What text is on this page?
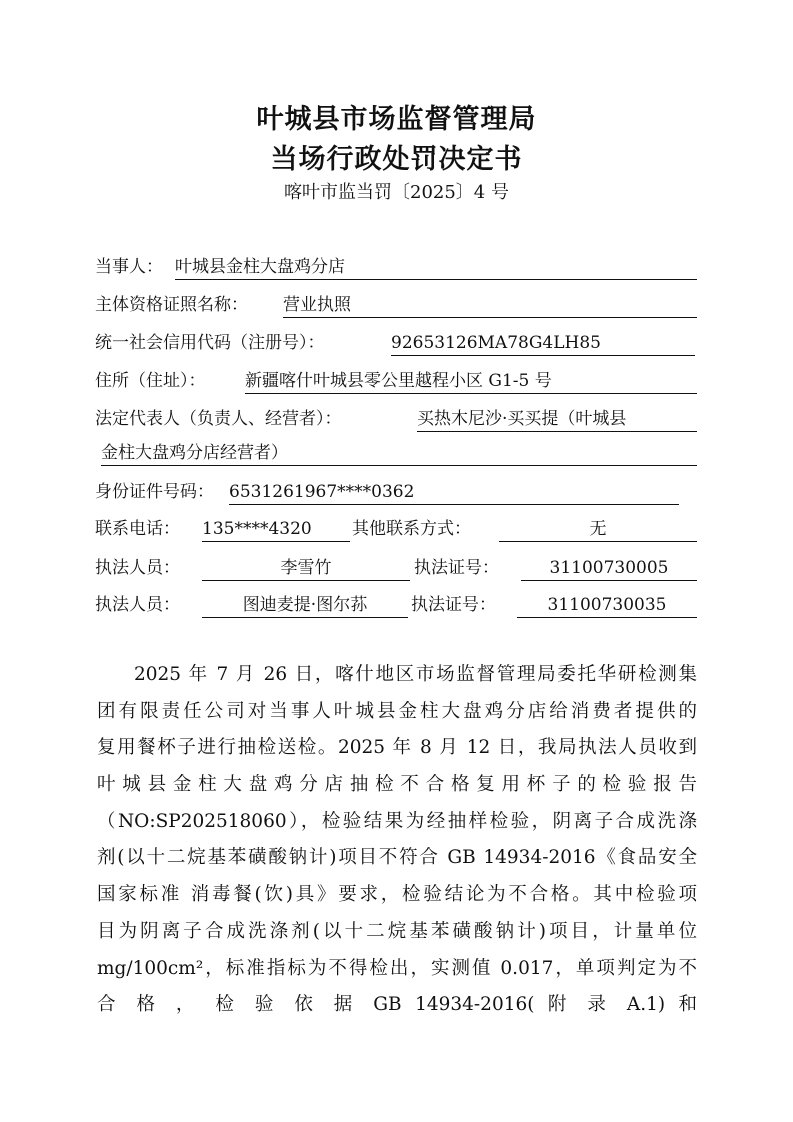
叶城县市场监督管理局
当场行政处罚决定书
喀叶市监当罚〔2025〕4 号
当事人： 叶城县金柱大盘鸡分店
主体资格证照名称： 营业执照
统一社会信用代码（注册号）：	92653126MA78G4LH85
住所（住址）： 新疆喀什叶城县零公里越程小区 G1-5 号
法定代表人（负责人、经营者）：	买热木尼沙·买买提（叶城县
金柱大盘鸡分店经营者）
身份证件号码： 6531261967****0362
联系电话： 135****4320	其他联系方式：	无
执法人员：	李雪竹	执法证号：	31100730005
执法人员：	图迪麦提·图尔荪	执法证号：	31100730035
2025 年 7 月 26 日，喀什地区市场监督管理局委托华研检测集
团有限责任公司对当事人叶城县金柱大盘鸡分店给消费者提供的
复用餐杯子进行抽检送检。2025 年 8 月 12 日，我局执法人员收到
叶城县金柱大盘鸡分店抽检不合格复用杯子的检验报告
（NO:SP202518060），检验结果为经抽样检验，阴离子合成洗涤
剂(以十二烷基苯磺酸钠计)项目不符合 GB 14934-2016《食品安全
国家标准 消毒餐(饮)具》要求，检验结论为不合格。其中检验项
目为阴离子合成洗涤剂(以十二烷基苯磺酸钠计)项目，计量单位
mg/100cm²，标准指标为不得检出，实测值 0.017，单项判定为不
合 格 ， 检 验 依 据 GB 14934-2016( 附 录 A.1) 和
